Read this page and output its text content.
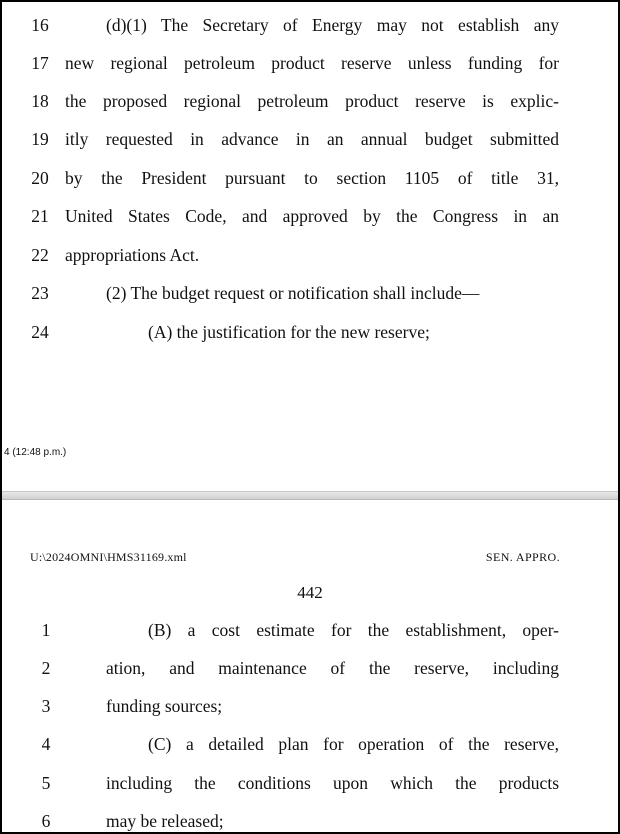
16	(d)(1) The Secretary of Energy may not establish any
17 new regional petroleum product reserve unless funding for
18 the proposed regional petroleum product reserve is explic-
19 itly requested in advance in an annual budget submitted
20 by the President pursuant to section 1105 of title 31,
21 United States Code, and approved by the Congress in an
22 appropriations Act.
23	(2) The budget request or notification shall include—
24	(A) the justification for the new reserve;
4 (12:48 p.m.)
U:\2024OMNI\HMS31169.xml	SEN. APPRO.
442
1	(B) a cost estimate for the establishment, oper-
2	ation, and maintenance of the reserve, including
3	funding sources;
4	(C) a detailed plan for operation of the reserve,
5	including the conditions upon which the products
6	may be released;
